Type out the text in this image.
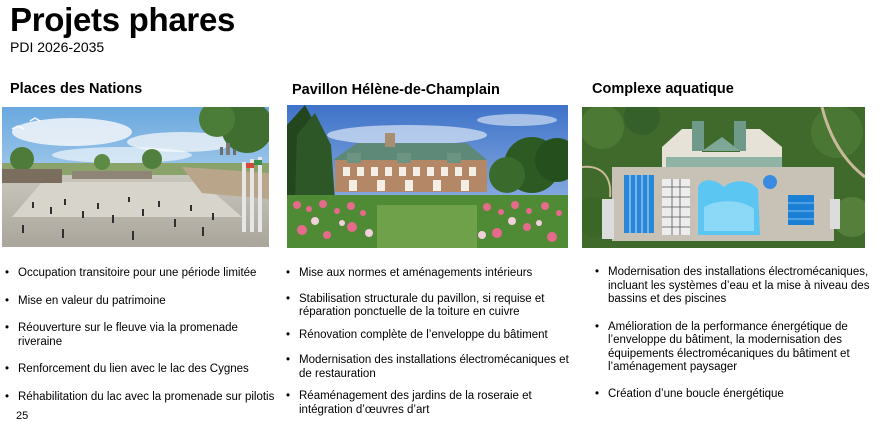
Projets phares
PDI 2026-2035
Places des Nations
• Occupation transitoire pour une période limitée
• Mise en valeur du patrimoine
• Réouverture sur le fleuve via la promenade riveraine
• Renforcement du lien avec le lac des Cygnes
• Réhabilitation du lac avec la promenade sur pilotis
Pavillon Hélène-de-Champlain
• Mise aux normes et aménagements intérieurs
• Stabilisation structurale du pavillon, si requise et réparation ponctuelle de la toiture en cuivre
• Rénovation complète de l’enveloppe du bâtiment
• Modernisation des installations électromécaniques et de restauration
• Réaménagement des jardins de la roseraie et intégration d’œuvres d’art
Complexe aquatique
• Modernisation des installations électromécaniques, incluant les systèmes d’eau et la mise à niveau des bassins et des piscines
• Amélioration de la performance énergétique de l’enveloppe du bâtiment, la modernisation des équipements électromécaniques du bâtiment et l’aménagement paysager
• Création d’une boucle énergétique
25
